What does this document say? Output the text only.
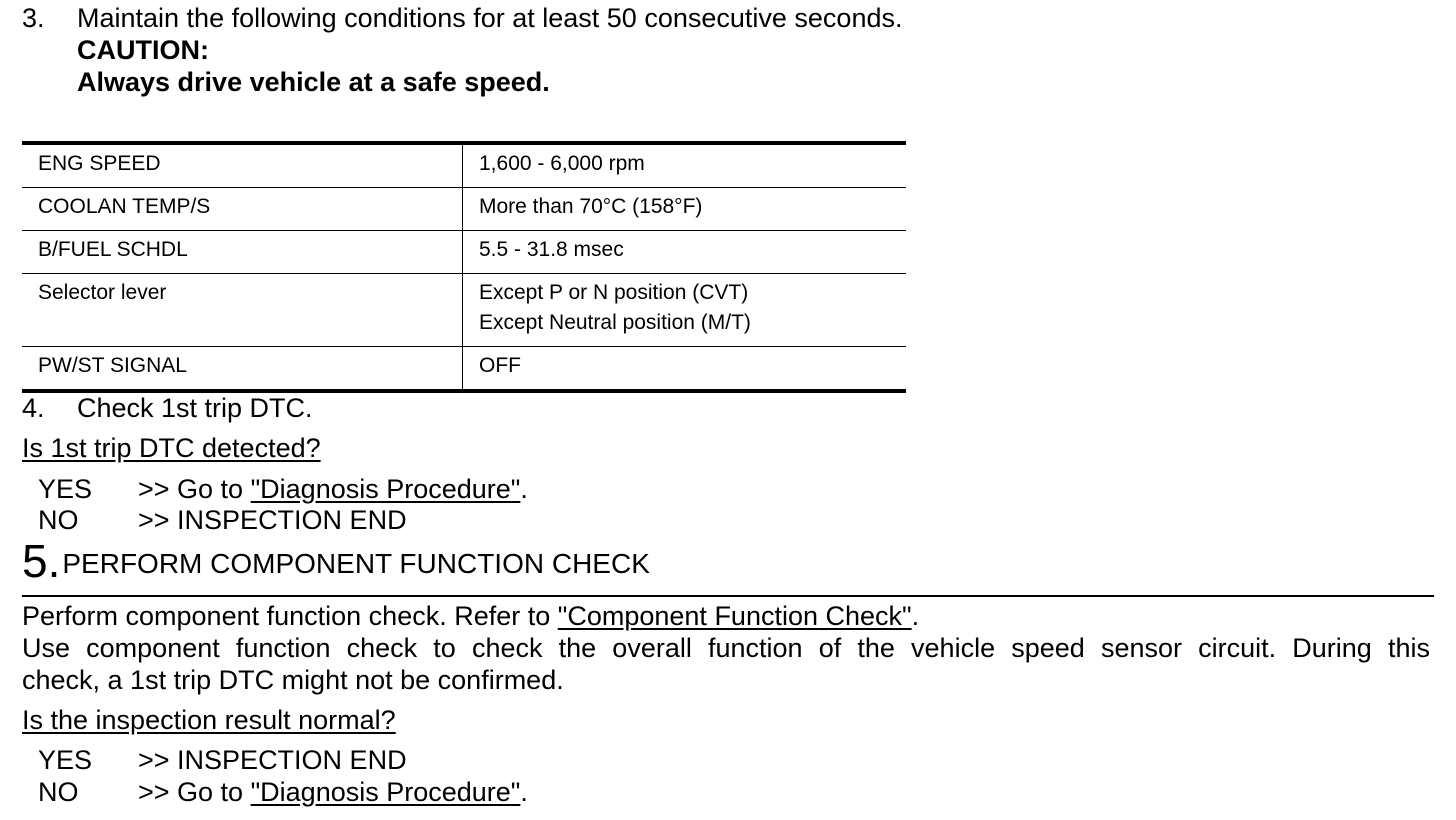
3. Maintain the following conditions for at least 50 consecutive seconds.
CAUTION:
Always drive vehicle at a safe speed.
ENG SPEED	1,600 - 6,000 rpm
COOLAN TEMP/S	More than 70°C (158°F)
B/FUEL SCHDL	5.5 - 31.8 msec
Selector lever	Except P or N position (CVT)
Except Neutral position (M/T)

PW/ST SIGNAL	OFF
4. Check 1st trip DTC.
Is 1st trip DTC detected?
YES >> Go to "Diagnosis Procedure".
NO >> INSPECTION END
5. PERFORM COMPONENT FUNCTION CHECK
Perform component function check. Refer to "Component Function Check".
Use component function check to check the overall function of the vehicle speed sensor circuit. During this
check, a 1st trip DTC might not be confirmed.
Is the inspection result normal?
YES >> INSPECTION END
NO >> Go to "Diagnosis Procedure".
